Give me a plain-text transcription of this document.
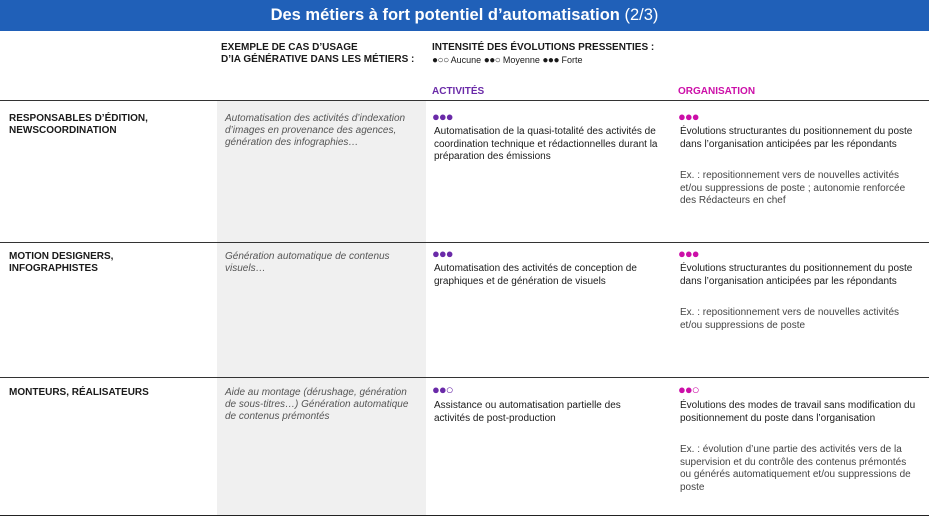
Des métiers à fort potentiel d’automatisation (2/3)
EXEMPLE DE CAS D’USAGE
D’IA GÉNÉRATIVE DANS LES MÉTIERS :
INTENSITÉ DES ÉVOLUTIONS PRESSENTIES :
●○○ Aucune ●●○ Moyenne ●●● Forte
ACTIVITÉS	ORGANISATION
RESPONSABLES D’ÉDITION,
NEWSCOORDINATION
Automatisation des activités d’indexation d’images en provenance des agences, génération des infographies…
●●●
Automatisation de la quasi-totalité des activités de coordination technique et rédactionnelles durant la préparation des émissions
●●●
Évolutions structurantes du positionnement du poste dans l’organisation anticipées par les répondants
Ex. : repositionnement vers de nouvelles activités et/ou suppressions de poste ; autonomie renforcée des Rédacteurs en chef
MOTION DESIGNERS,
INFOGRAPHISTES
Génération automatique de contenus visuels…
●●●
Automatisation des activités de conception de graphiques et de génération de visuels
●●●
Évolutions structurantes du positionnement du poste dans l’organisation anticipées par les répondants
Ex. : repositionnement vers de nouvelles activités et/ou suppressions de poste
MONTEURS, RÉALISATEURS	Aide au montage (dérushage, génération de sous-titres…) Génération automatique de contenus prémontés
●●○
Assistance ou automatisation partielle des activités de post-production
●●○
Évolutions des modes de travail sans modification du positionnement du poste dans l’organisation
Ex. : évolution d’une partie des activités vers de la supervision et du contrôle des contenus prémontés ou générés automatiquement et/ou suppressions de poste
